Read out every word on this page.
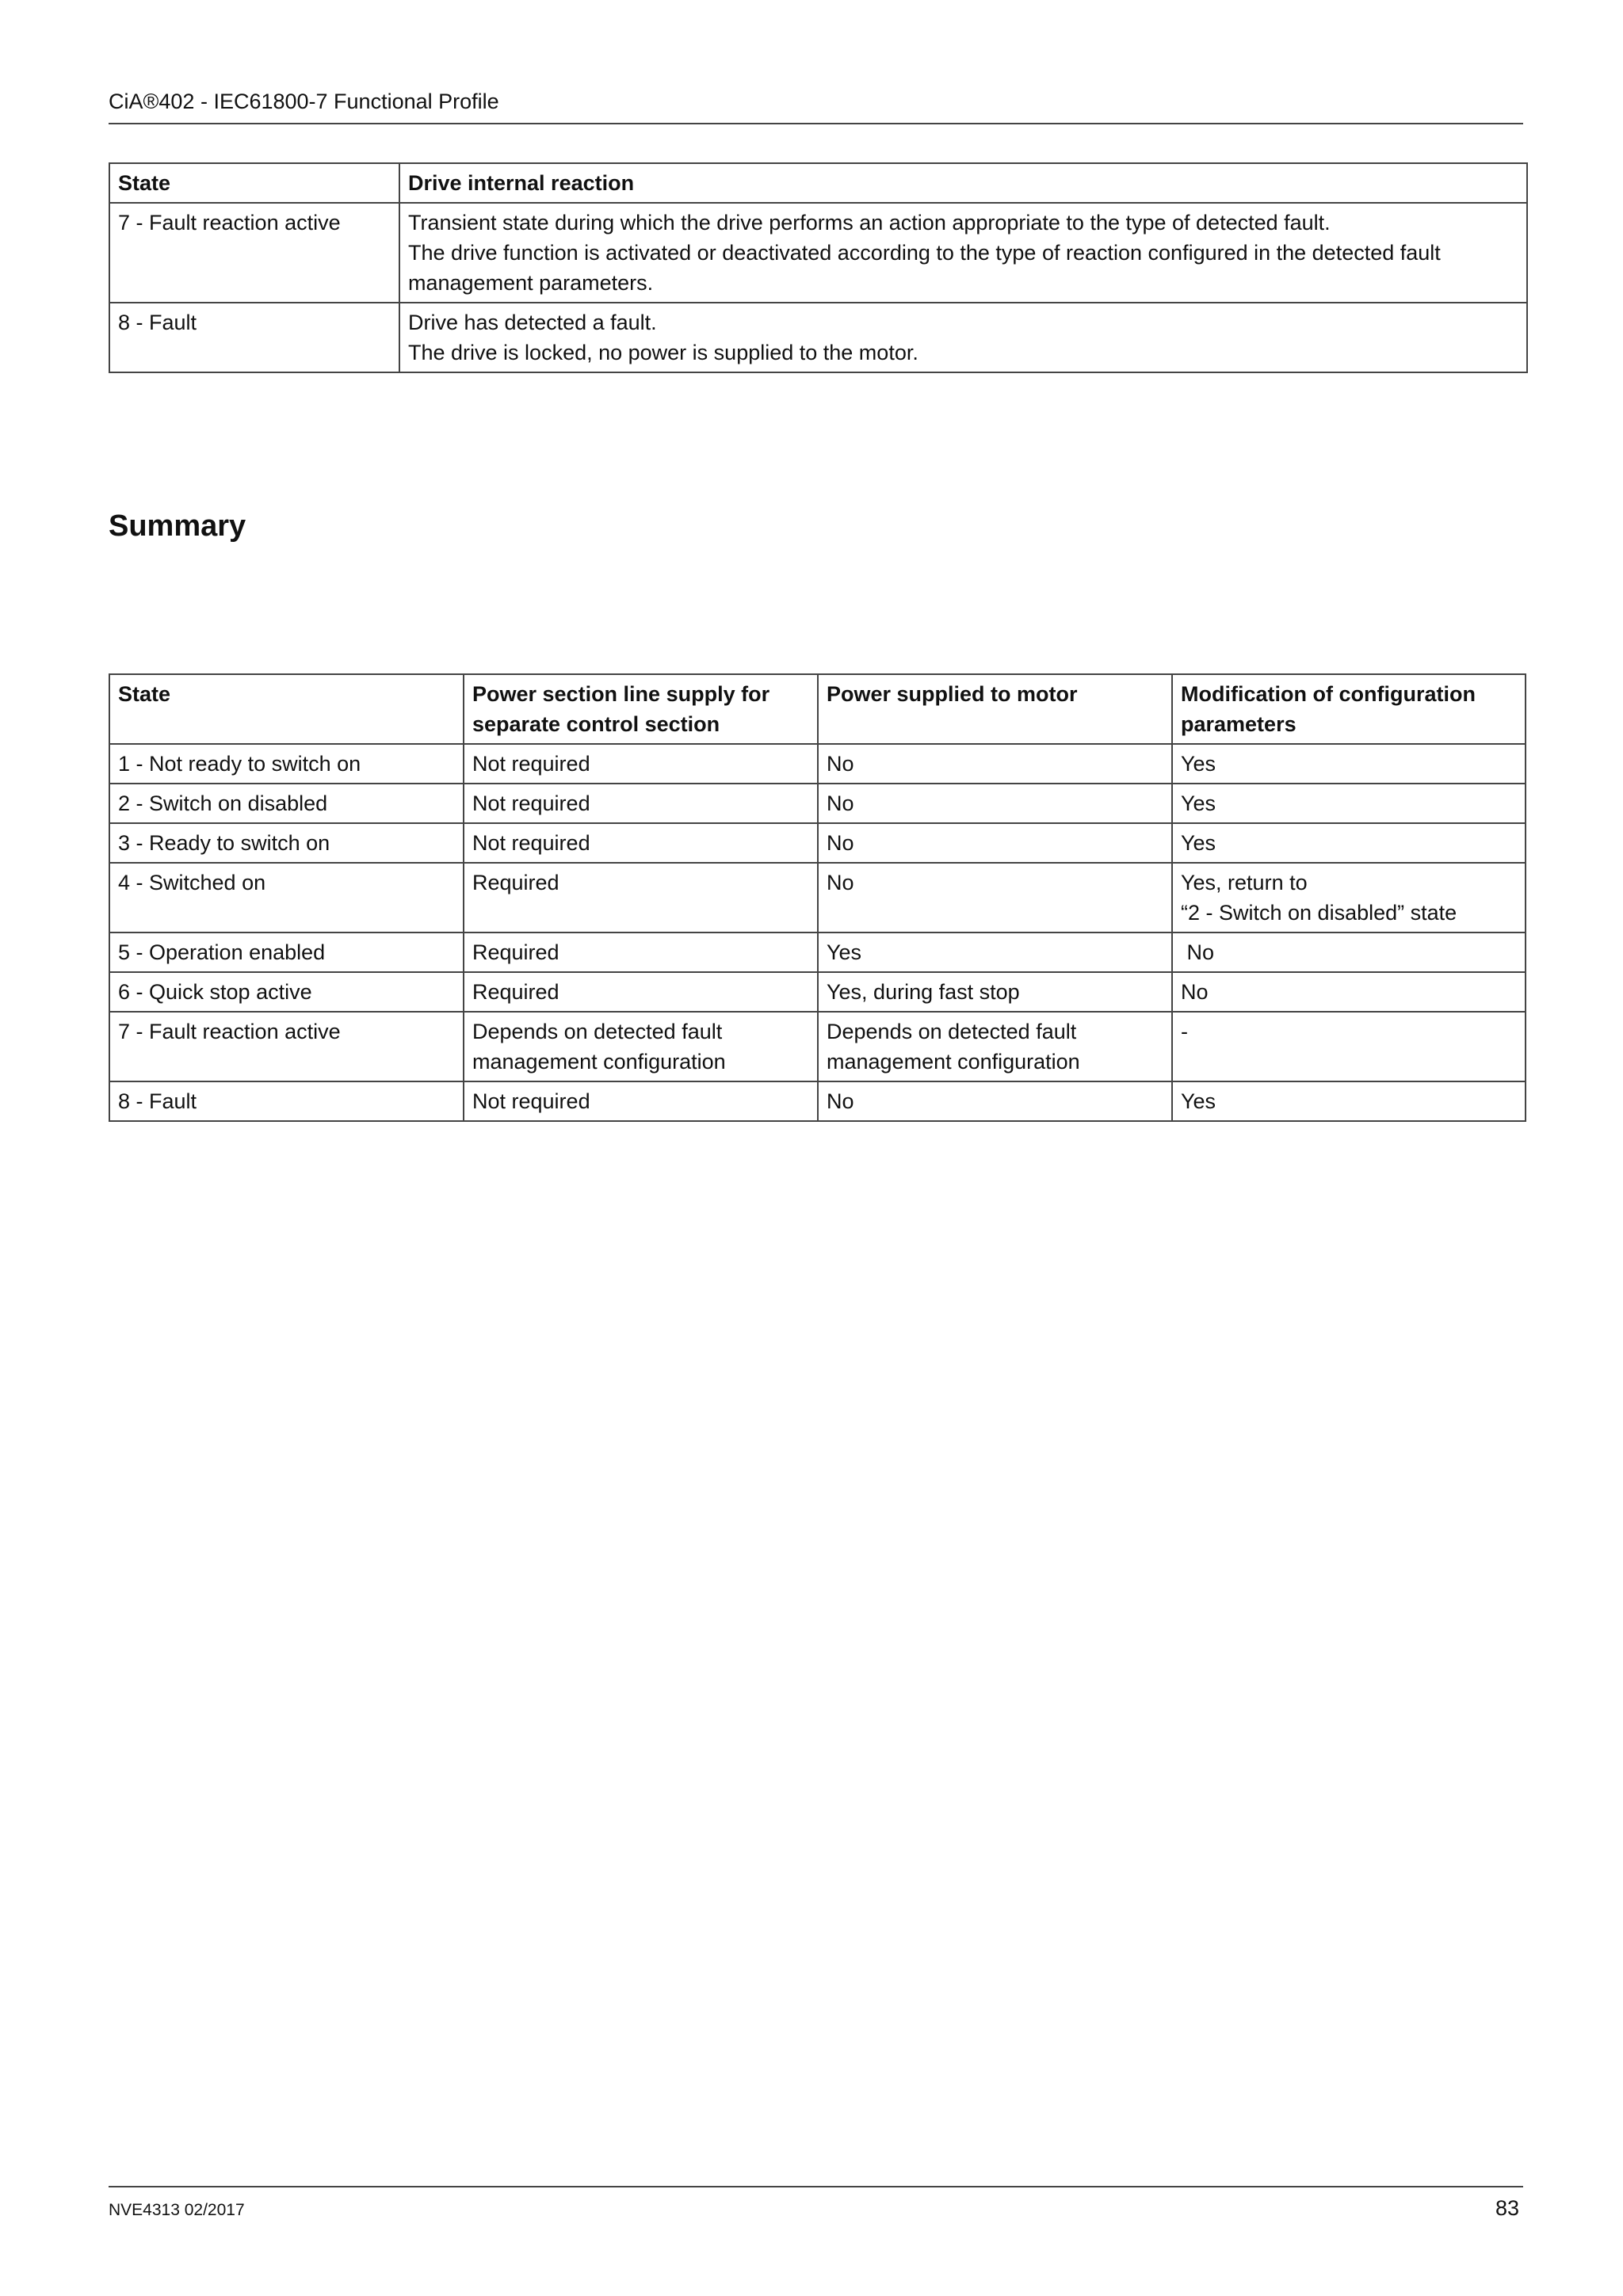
CiA®402 - IEC61800-7 Functional Profile
State	Drive internal reaction
7 - Fault reaction active	Transient state during which the drive performs an action appropriate to the type of detected fault.
The drive function is activated or deactivated according to the type of reaction configured in the detected fault management parameters.

8 - Fault	Drive has detected a fault.
The drive is locked, no power is supplied to the motor.
Summary
State	Power section line supply for separate control section	Power supplied to motor	Modification of configuration parameters
1 - Not ready to switch on	Not required	No	Yes

2 - Switch on disabled	Not required	No	Yes

3 - Ready to switch on	Not required	No	Yes

4 - Switched on	Required	No	Yes, return to
“2 - Switch on disabled” state

5 - Operation enabled	Required	Yes	No

6 - Quick stop active	Required	Yes, during fast stop	No

7 - Fault reaction active	Depends on detected fault management configuration	Depends on detected fault management configuration	-

8 - Fault	Not required	No	Yes
NVE4313 02/2017	83
